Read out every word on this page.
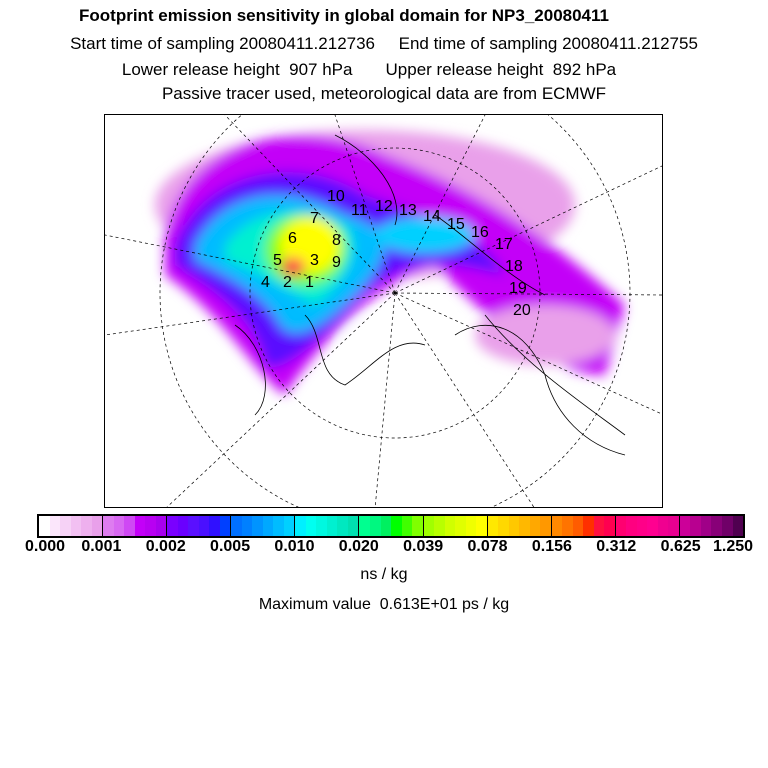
Footprint emission sensitivity in global domain for NP3_20080411
Start time of sampling 20080411.212736     End time of sampling 20080411.212755
Lower release height  907 hPa       Upper release height  892 hPa
Passive tracer used, meteorological data are from ECMWF
1
2
3
4
5
6
7
8
9
10
11 12 13 14 15 16
17
18
19
20
0.000 0.001 0.002 0.005 0.010 0.020 0.039 0.078 0.156 0.312 0.625 1.250
ns / kg
Maximum value  0.613E+01 ps / kg
